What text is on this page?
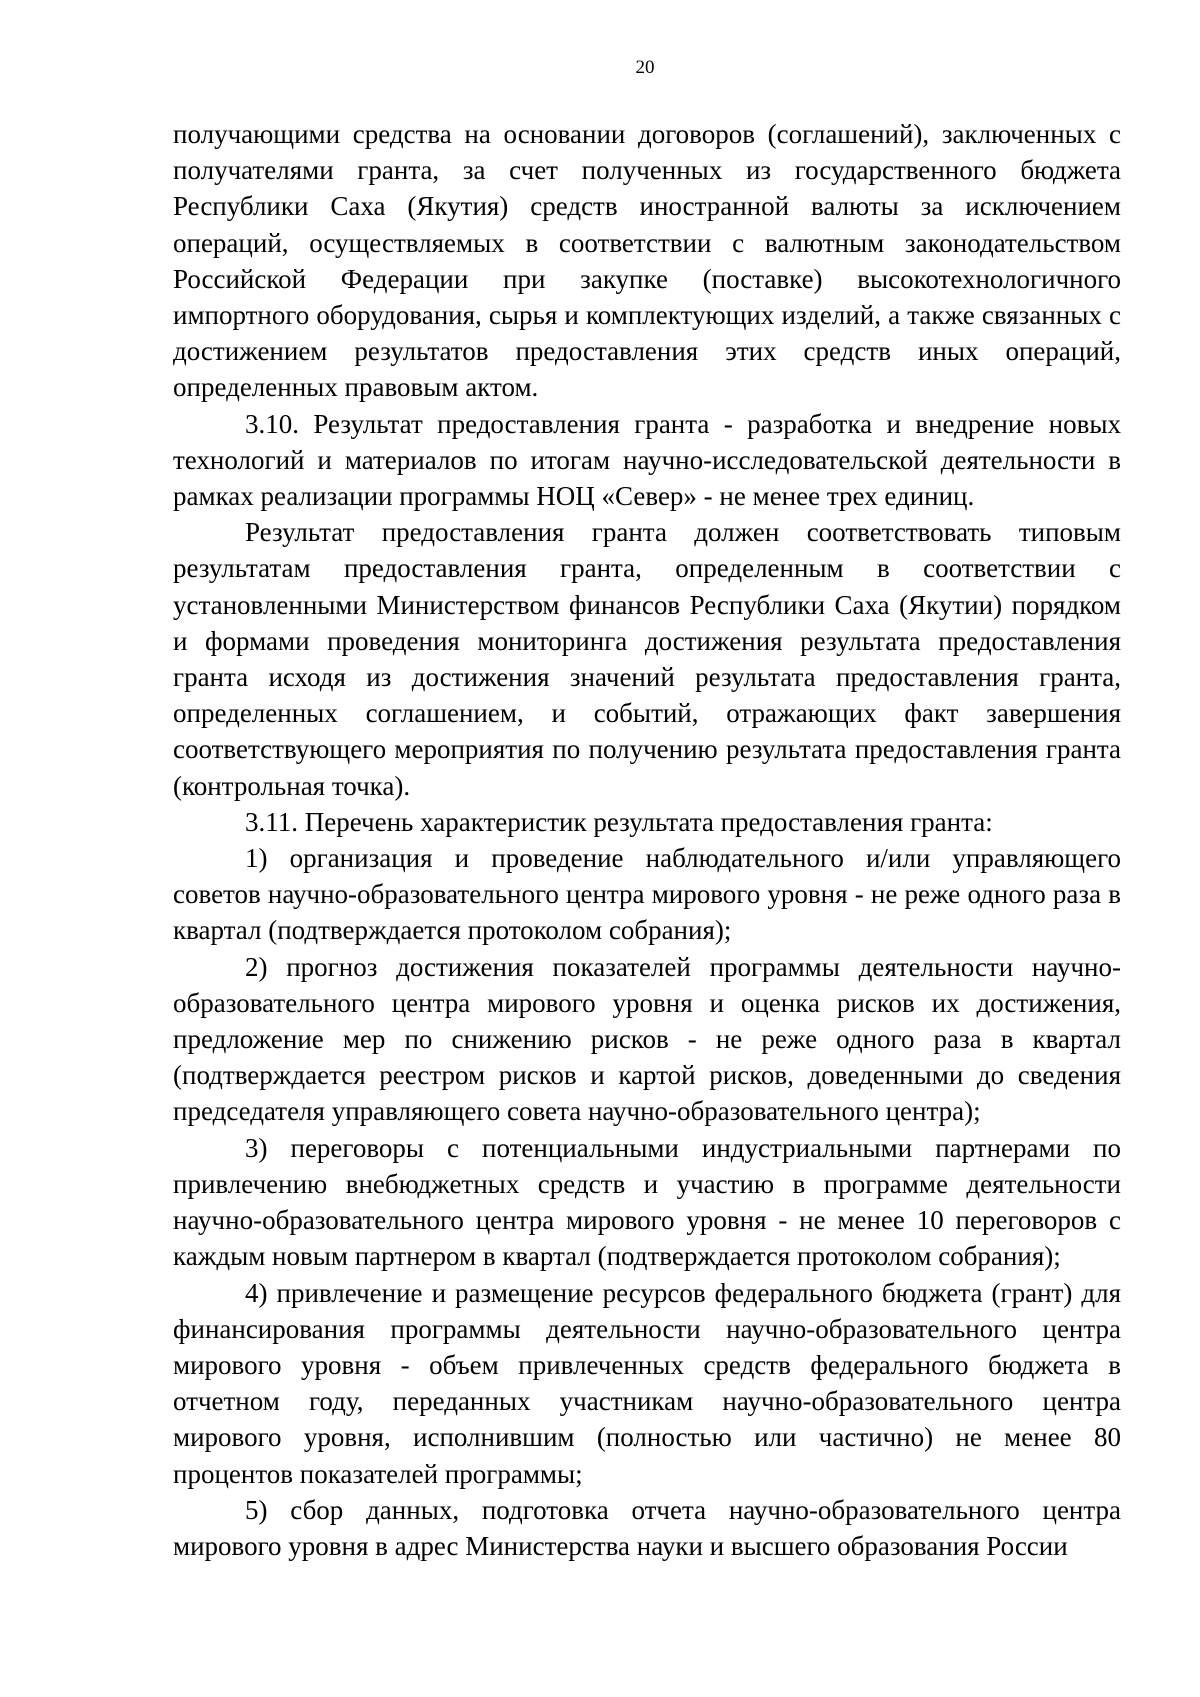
20

получающими средства на основании договоров (соглашений), заключенных с получателями гранта, за счет полученных из государственного бюджета Республики Саха (Якутия) средств иностранной валюты за исключением операций, осуществляемых в соответствии с валютным законодательством Российской Федерации при закупке (поставке) высокотехнологичного импортного оборудования, сырья и комплектующих изделий, а также связанных с достижением результатов предоставления этих средств иных операций, определенных правовым актом.

3.10. Результат предоставления гранта - разработка и внедрение новых технологий и материалов по итогам научно-исследовательской деятельности в рамках реализации программы НОЦ «Север» - не менее трех единиц.

Результат предоставления гранта должен соответствовать типовым результатам предоставления гранта, определенным в соответствии с установленными Министерством финансов Республики Саха (Якутии) порядком и формами проведения мониторинга достижения результата предоставления гранта исходя из достижения значений результата предоставления гранта, определенных соглашением, и событий, отражающих факт завершения соответствующего мероприятия по получению результата предоставления гранта (контрольная точка).

3.11. Перечень характеристик результата предоставления гранта:

1) организация и проведение наблюдательного и/или управляющего советов научно-образовательного центра мирового уровня - не реже одного раза в квартал (подтверждается протоколом собрания);

2) прогноз достижения показателей программы деятельности научно-образовательного центра мирового уровня и оценка рисков их достижения, предложение мер по снижению рисков - не реже одного раза в квартал (подтверждается реестром рисков и картой рисков, доведенными до сведения председателя управляющего совета научно-образовательного центра);

3) переговоры с потенциальными индустриальными партнерами по привлечению внебюджетных средств и участию в программе деятельности научно-образовательного центра мирового уровня - не менее 10 переговоров с каждым новым партнером в квартал (подтверждается протоколом собрания);

4) привлечение и размещение ресурсов федерального бюджета (грант) для финансирования программы деятельности научно-образовательного центра мирового уровня - объем привлеченных средств федерального бюджета в отчетном году, переданных участникам научно-образовательного центра мирового уровня, исполнившим (полностью или частично) не менее 80 процентов показателей программы;

5) сбор данных, подготовка отчета научно-образовательного центра мирового уровня в адрес Министерства науки и высшего образования России
